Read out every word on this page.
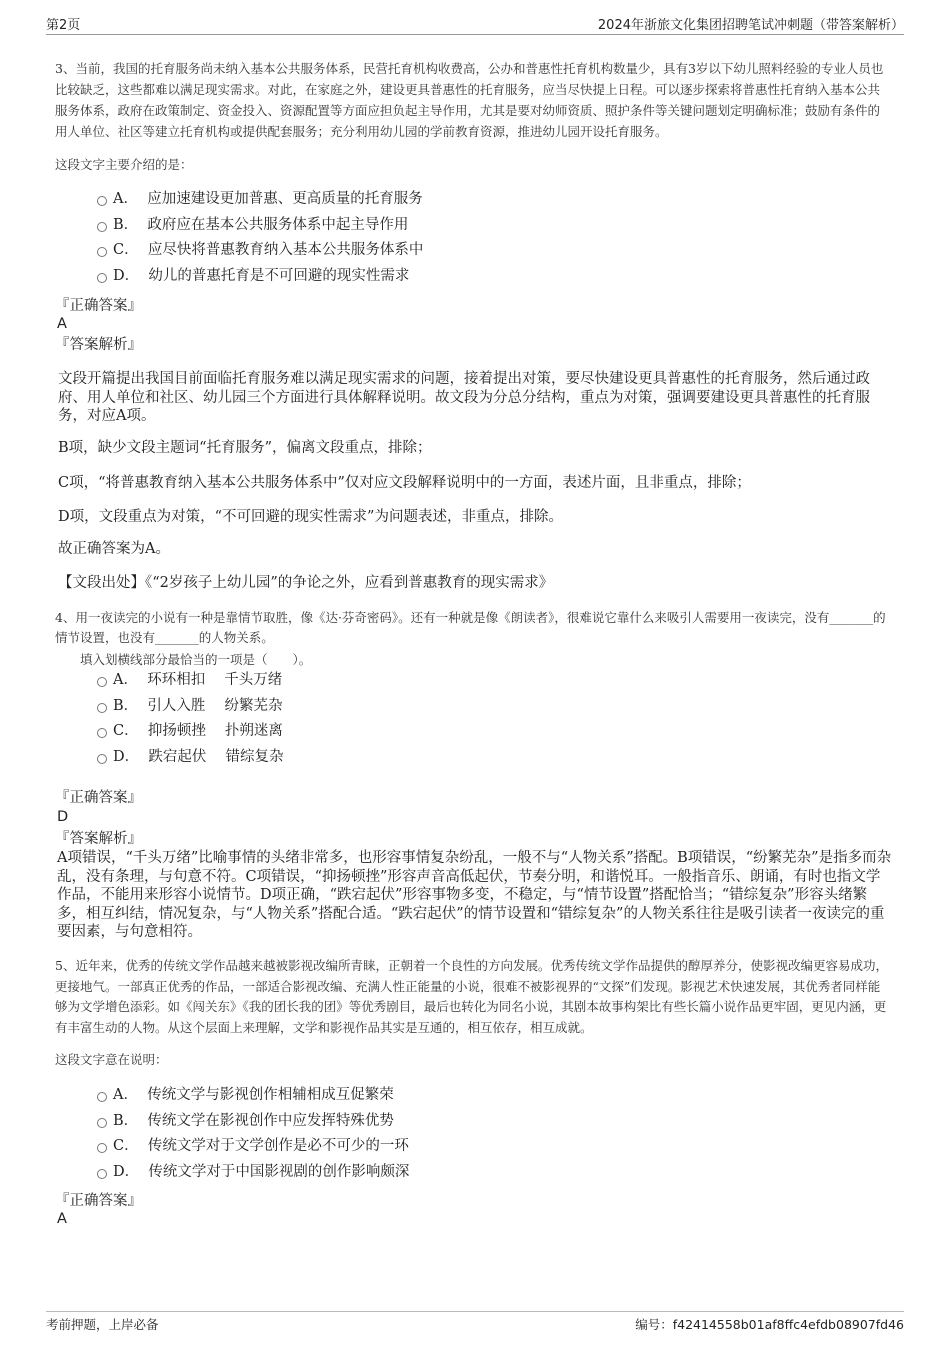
第2页	2024年浙旅文化集团招聘笔试冲刺题（带答案解析）
3、当前，我国的托育服务尚未纳入基本公共服务体系，民营托育机构收费高，公办和普惠性托育机构数量少，具有3岁以下幼儿照料经验的专业人员也比较缺乏，这些都难以满足现实需求。对此，在家庭之外，建设更具普惠性的托育服务，应当尽快提上日程。可以逐步探索将普惠性托育纳入基本公共服务体系，政府在政策制定、资金投入、资源配置等方面应担负起主导作用，尤其是要对幼师资质、照护条件等关键问题划定明确标准；鼓励有条件的用人单位、社区等建立托育机构或提供配套服务；充分利用幼儿园的学前教育资源，推进幼儿园开设托育服务。
这段文字主要介绍的是：
A． 应加速建设更加普惠、更高质量的托育服务
B． 政府应在基本公共服务体系中起主导作用
C． 应尽快将普惠教育纳入基本公共服务体系中
D． 幼儿的普惠托育是不可回避的现实性需求
『正确答案』
A
『答案解析』
文段开篇提出我国目前面临托育服务难以满足现实需求的问题，接着提出对策，要尽快建设更具普惠性的托育服务，然后通过政府、用人单位和社区、幼儿园三个方面进行具体解释说明。故文段为分总分结构，重点为对策，强调要建设更具普惠性的托育服务，对应A项。
B项，缺少文段主题词“托育服务”，偏离文段重点，排除；
C项，“将普惠教育纳入基本公共服务体系中”仅对应文段解释说明中的一方面，表述片面，且非重点，排除；
D项，文段重点为对策，“不可回避的现实性需求”为问题表述，非重点，排除。
故正确答案为A。
【文段出处】《“2岁孩子上幼儿园”的争论之外，应看到普惠教育的现实需求》
4、用一夜读完的小说有一种是靠情节取胜，像《达·芬奇密码》。还有一种就是像《朗读者》，很难说它靠什么来吸引人需要用一夜读完，没有_______的情节设置，也没有_______的人物关系。
填入划横线部分最恰当的一项是（　　）。
A． 环环相扣　 千头万绪
B． 引人入胜　 纷繁芜杂
C． 抑扬顿挫　 扑朔迷离
D． 跌宕起伏　 错综复杂
『正确答案』
D
『答案解析』
A项错误，“千头万绪”比喻事情的头绪非常多，也形容事情复杂纷乱，一般不与“人物关系”搭配。B项错误，“纷繁芜杂”是指多而杂乱，没有条理，与句意不符。C项错误，“抑扬顿挫”形容声音高低起伏，节奏分明，和谐悦耳。一般指音乐、朗诵，有时也指文学作品，不能用来形容小说情节。D项正确，“跌宕起伏”形容事物多变，不稳定，与“情节设置”搭配恰当；“错综复杂”形容头绪繁多，相互纠结，情况复杂，与“人物关系”搭配合适。“跌宕起伏”的情节设置和“错综复杂”的人物关系往往是吸引读者一夜读完的重要因素，与句意相符。
5、近年来，优秀的传统文学作品越来越被影视改编所青睐，正朝着一个良性的方向发展。优秀传统文学作品提供的醇厚养分，使影视改编更容易成功，更接地气。一部真正优秀的作品，一部适合影视改编、充满人性正能量的小说，很难不被影视界的“文探”们发现。影视艺术快速发展，其优秀者同样能够为文学增色添彩。如《闯关东》《我的团长我的团》等优秀剧目，最后也转化为同名小说，其剧本故事构架比有些长篇小说作品更牢固，更见内涵，更有丰富生动的人物。从这个层面上来理解，文学和影视作品其实是互通的，相互依存，相互成就。
这段文字意在说明：
A． 传统文学与影视创作相辅相成互促繁荣
B． 传统文学在影视创作中应发挥特殊优势
C． 传统文学对于文学创作是必不可少的一环
D． 传统文学对于中国影视剧的创作影响颇深
『正确答案』
A
考前押题，上岸必备	编号：f42414558b01af8ffc4efdb08907fd46
